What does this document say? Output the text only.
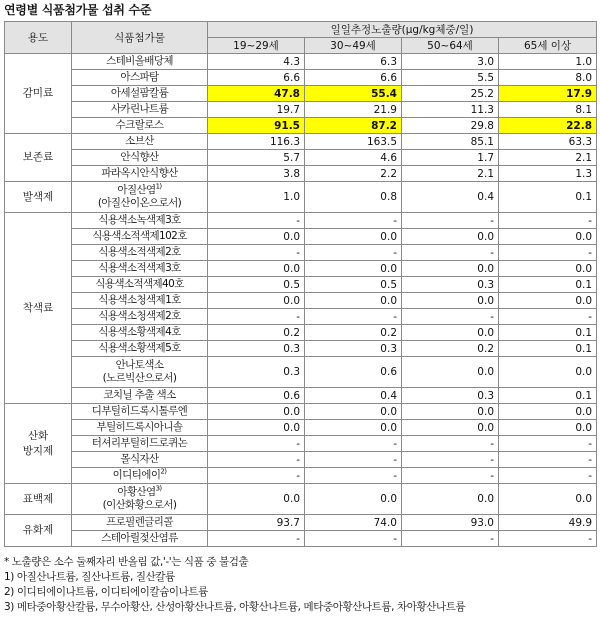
연령별 식품첨가물 섭취 수준
용도	식품첨가물	일일추정노출량(μg/kg체중/일)			
		19~29세	30~49세	50~64세	65세 이상
감미료	스테비올배당체	4.3	6.3	3.0	1.0

	아스파탐	6.6	6.6	5.5	8.0

	아세설팜칼륨	47.8	55.4	25.2	17.9

	사카린나트륨	19.7	21.9	11.3	8.1

	수크랄로스	91.5	87.2	29.8	22.8
보존료	소브산	116.3	163.5	85.1	63.3

	안식향산	5.7	4.6	1.7	2.1

	파라옥시안식향산	3.8	2.2	2.1	1.3
발색제	아질산염$^{1)}$
(아질산이온으로서)	1.0	0.8	0.4	0.1
착색료	식용색소녹색제3호	-	-	-	-

	식용색소적색제102호	0.0	0.0	0.0	0.0

	식용색소적색제2호	-	-	-	-

	식용색소적색제3호	0.0	0.0	0.0	0.0

	식용색소적색제40호	0.5	0.5	0.3	0.1

	식용색소청색제1호	0.0	0.0	0.0	0.0

	식용색소청색제2호	-	-	-	-

	식용색소황색제4호	0.2	0.2	0.0	0.1

	식용색소황색제5호	0.3	0.3	0.2	0.1

	안나토색소
(노르빅산으로서)	0.3	0.6	0.0	0.0

	코치닐 추출 색소	0.6	0.4	0.3	0.1
산화
방지제	디부틸히드록시톨루엔	0.0	0.0	0.0	0.0

	부틸히드록시아니솔	0.0	0.0	0.0	0.0

	터셔리부틸히드로퀴논	-	-	-	-

	몰식자산	-	-	-	-

	이디티에이$^{2)}$	-	-	-	-
표백제	아황산염$^{3)}$
(이산화황으로서)	0.0	0.0	0.0	0.0
유화제	프로필렌글리콜	93.7	74.0	93.0	49.9

	스테아릴젖산염류	-	-	-	-
* 노출량은 소수 둘째자리 반올림 값,'-'는 식품 중 불검출
1) 아질산나트륨, 질산나트륨, 질산칼륨
2) 이디티에이나트륨, 이디티에이칼슘이나트륨
3) 메타중아황산칼륨, 무수아황산, 산성아황산나트륨, 아황산나트륨, 메타중아황산나트륨, 차아황산나트륨
